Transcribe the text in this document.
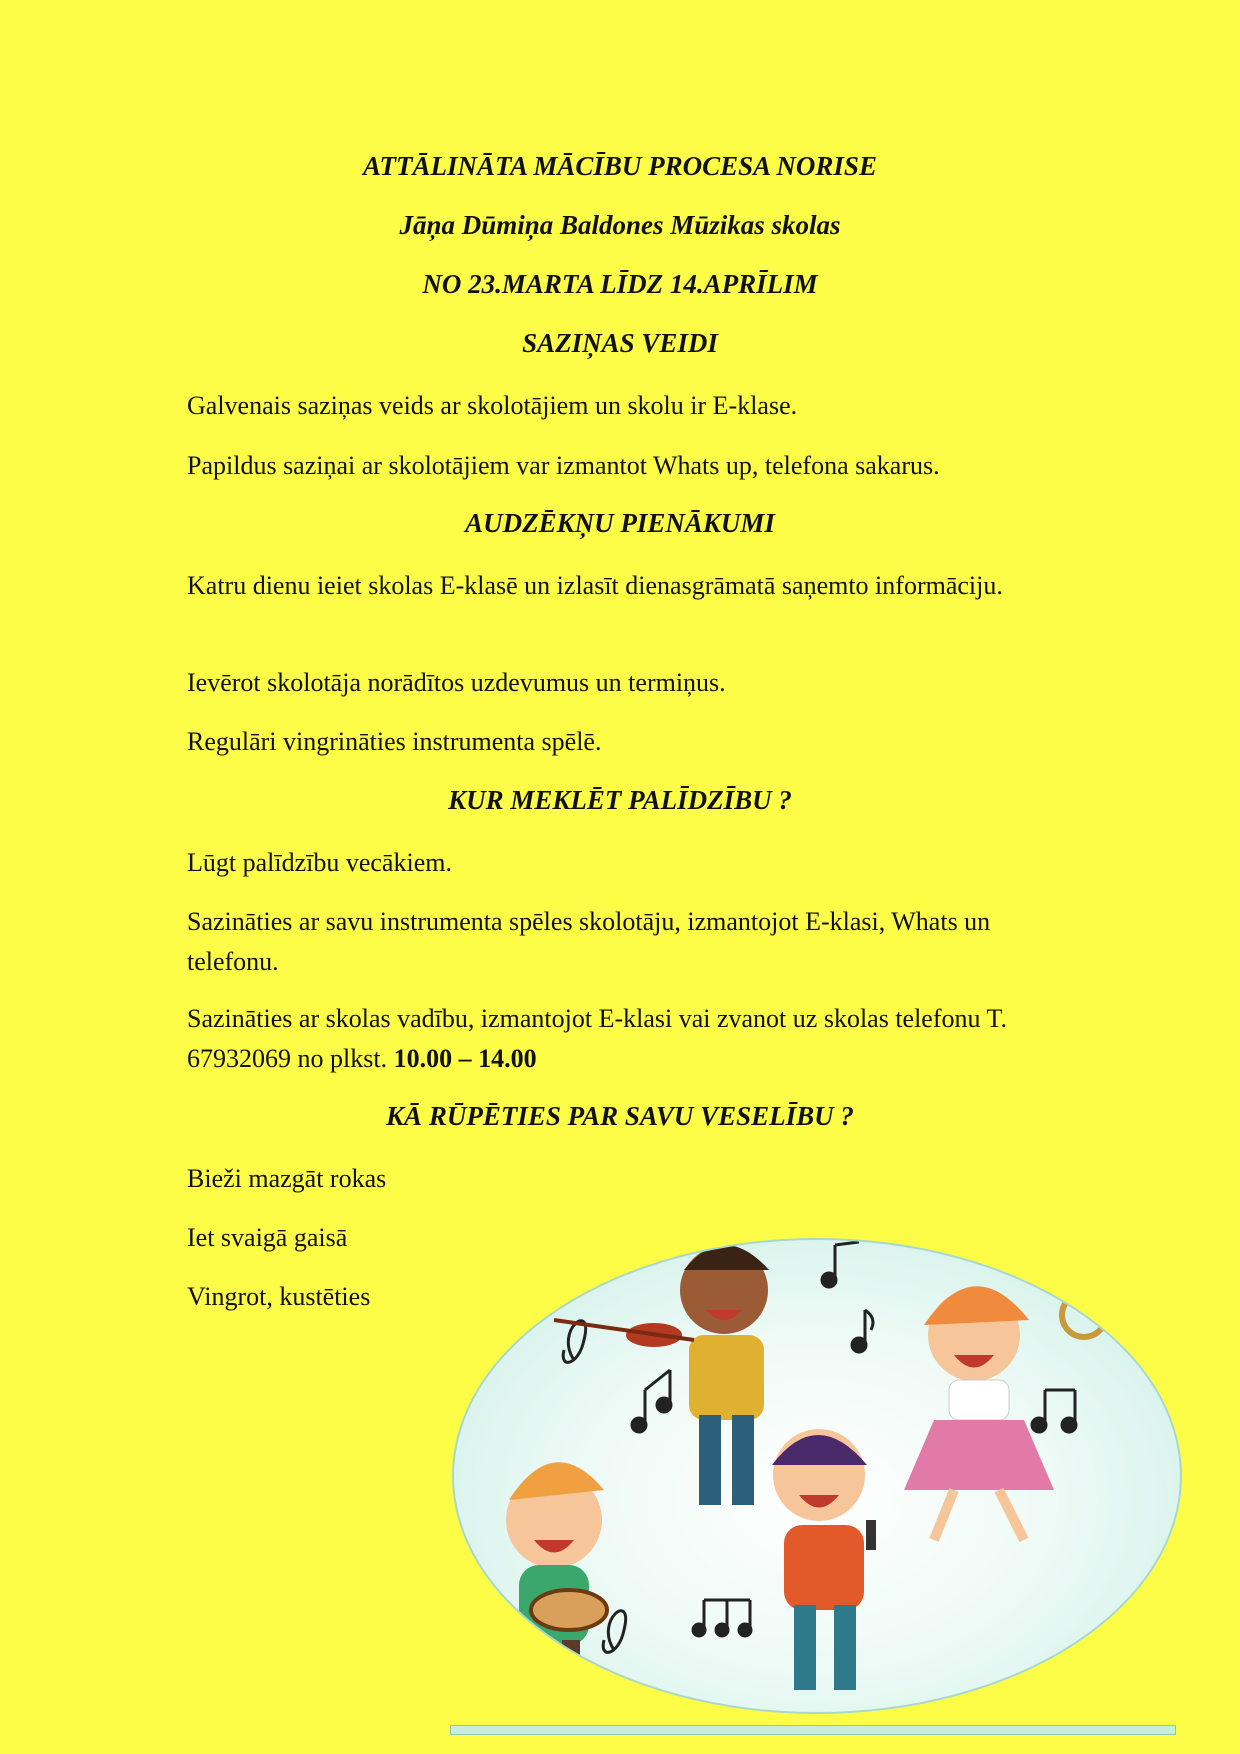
ATTĀLINĀTA MĀCĪBU PROCESA NORISE
Jāņa Dūmiņa Baldones Mūzikas skolas
NO 23.MARTA LĪDZ 14.APRĪLIM
SAZIŅAS VEIDI

Galvenais saziņas veids ar skolotājiem un skolu ir E-klase.

Papildus saziņai ar skolotājiem var izmantot Whats up, telefona sakarus.

AUDZĒKŅU PIENĀKUMI

Katru dienu ieiet skolas E-klasē un izlasīt dienasgrāmatā saņemto informāciju.

Ievērot skolotāja norādītos uzdevumus un termiņus.

Regulāri vingrināties instrumenta spēlē.

KUR MEKLĒT PALĪDZĪBU ?

Lūgt palīdzību vecākiem.

Sazināties ar savu instrumenta spēles skolotāju, izmantojot E-klasi, Whats un telefonu.

Sazināties ar skolas vadību, izmantojot E-klasi vai zvanot uz skolas telefonu T. 67932069 no plkst. 10.00 – 14.00

KĀ RŪPĒTIES PAR SAVU VESELĪBU ?

Bieži mazgāt rokas

Iet svaigā gaisā

Vingrot, kustēties
